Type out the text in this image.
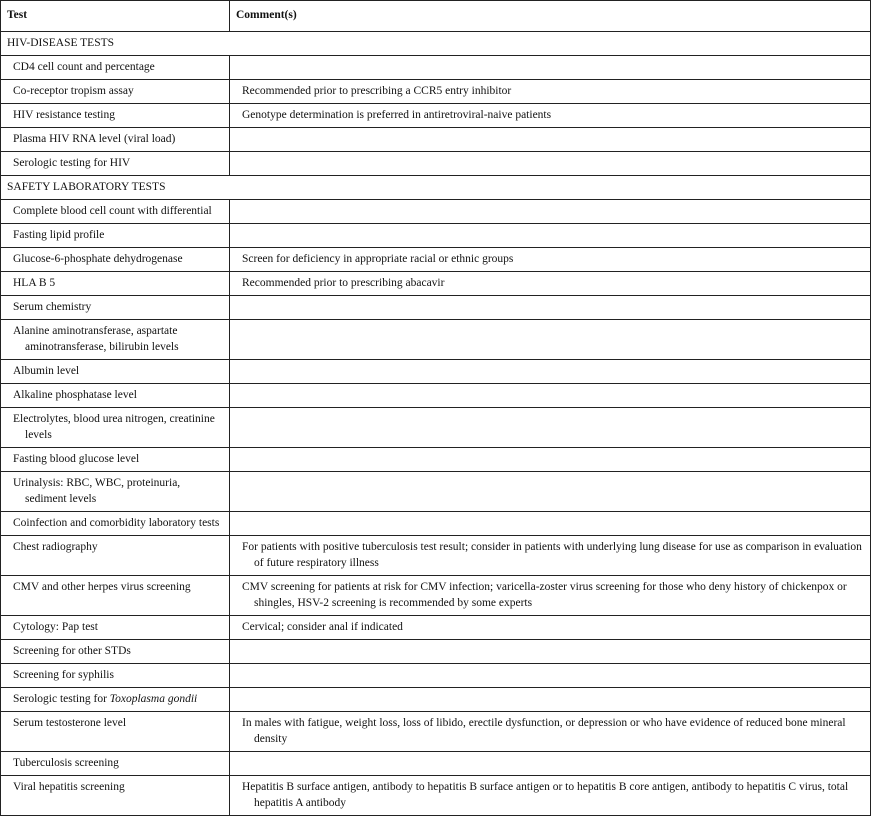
Test	Comment(s)
HIV-DISEASE TESTS	

CD4 cell count and percentage	

Co-receptor tropism assay	Recommended prior to prescribing a CCR5 entry inhibitor

HIV resistance testing	Genotype determination is preferred in antiretroviral-naive patients

Plasma HIV RNA level (viral load)	

Serologic testing for HIV	

SAFETY LABORATORY TESTS	

Complete blood cell count with differential	

Fasting lipid profile	

Glucose-6-phosphate dehydrogenase	Screen for deficiency in appropriate racial or ethnic groups

HLA B 5	Recommended prior to prescribing abacavir

Serum chemistry	

Alanine aminotransferase, aspartate aminotransferase, bilirubin levels	

Albumin level	

Alkaline phosphatase level	

Electrolytes, blood urea nitrogen, creatinine levels	

Fasting blood glucose level	

Urinalysis: RBC, WBC, proteinuria, sediment levels	

Coinfection and comorbidity laboratory tests	

Chest radiography	For patients with positive tuberculosis test result; consider in patients with underlying lung disease for use as comparison in evaluation of future respiratory illness

CMV and other herpes virus screening	CMV screening for patients at risk for CMV infection; varicella-zoster virus screening for those who deny history of chickenpox or shingles, HSV-2 screening is recommended by some experts

Cytology: Pap test	Cervical; consider anal if indicated

Screening for other STDs	

Screening for syphilis	

Serologic testing for Toxoplasma gondii	

Serum testosterone level	In males with fatigue, weight loss, loss of libido, erectile dysfunction, or depression or who have evidence of reduced bone mineral density

Tuberculosis screening	

Viral hepatitis screening	Hepatitis B surface antigen, antibody to hepatitis B surface antigen or to hepatitis B core antigen, antibody to hepatitis C virus, total hepatitis A antibody
